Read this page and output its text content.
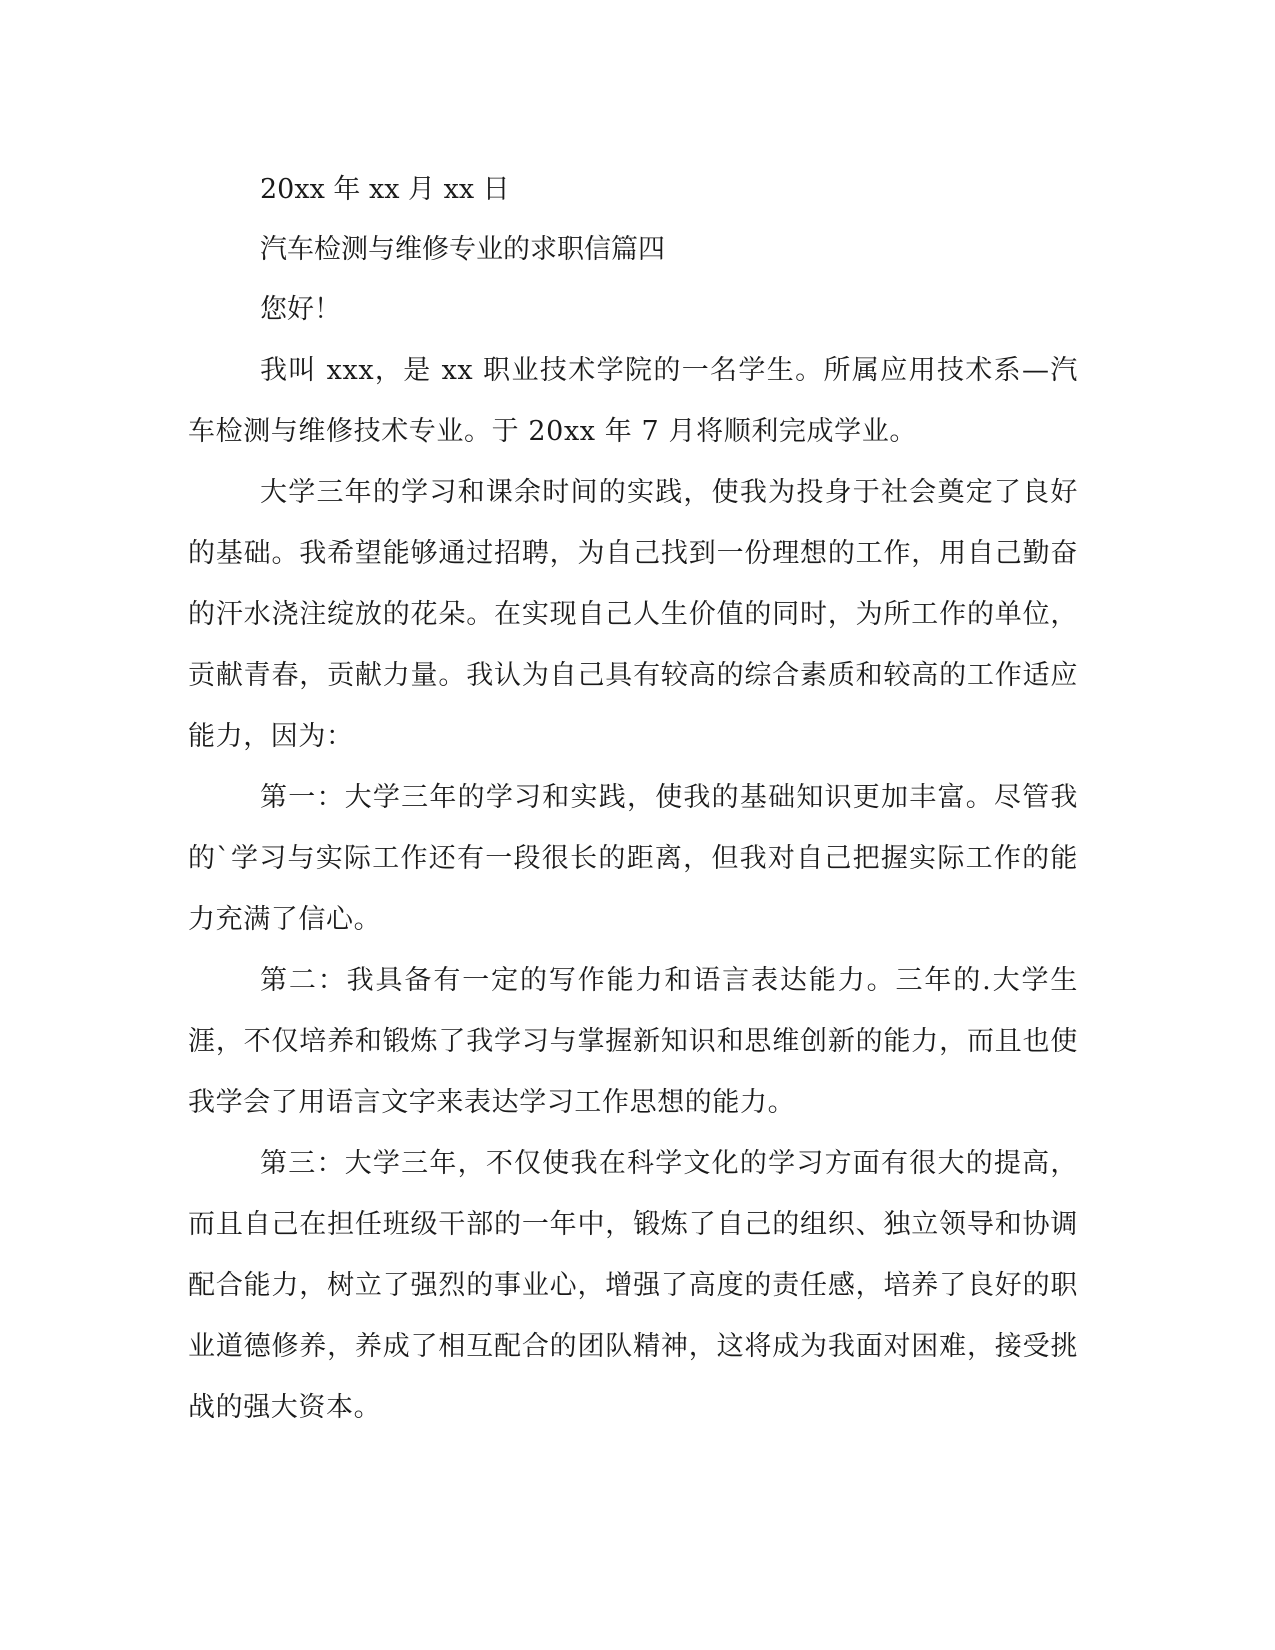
20xx 年 xx 月 xx 日
汽车检测与维修专业的求职信篇四
您好！

我叫 xxx，是 xx 职业技术学院的一名学生。所属应用技术系—汽车检测与维修技术专业。于 20xx 年 7 月将顺利完成学业。

大学三年的学习和课余时间的实践，使我为投身于社会奠定了良好的基础。我希望能够通过招聘，为自己找到一份理想的工作，用自己勤奋的汗水浇注绽放的花朵。在实现自己人生价值的同时，为所工作的单位，贡献青春，贡献力量。我认为自己具有较高的综合素质和较高的工作适应能力，因为：

第一：大学三年的学习和实践，使我的基础知识更加丰富。尽管我的`学习与实际工作还有一段很长的距离，但我对自己把握实际工作的能力充满了信心。

第二：我具备有一定的写作能力和语言表达能力。三年的.大学生涯，不仅培养和锻炼了我学习与掌握新知识和思维创新的能力，而且也使我学会了用语言文字来表达学习工作思想的能力。

第三：大学三年，不仅使我在科学文化的学习方面有很大的提高，而且自己在担任班级干部的一年中，锻炼了自己的组织、独立领导和协调配合能力，树立了强烈的事业心，增强了高度的责任感，培养了良好的职业道德修养，养成了相互配合的团队精神，这将成为我面对困难，接受挑战的强大资本。
